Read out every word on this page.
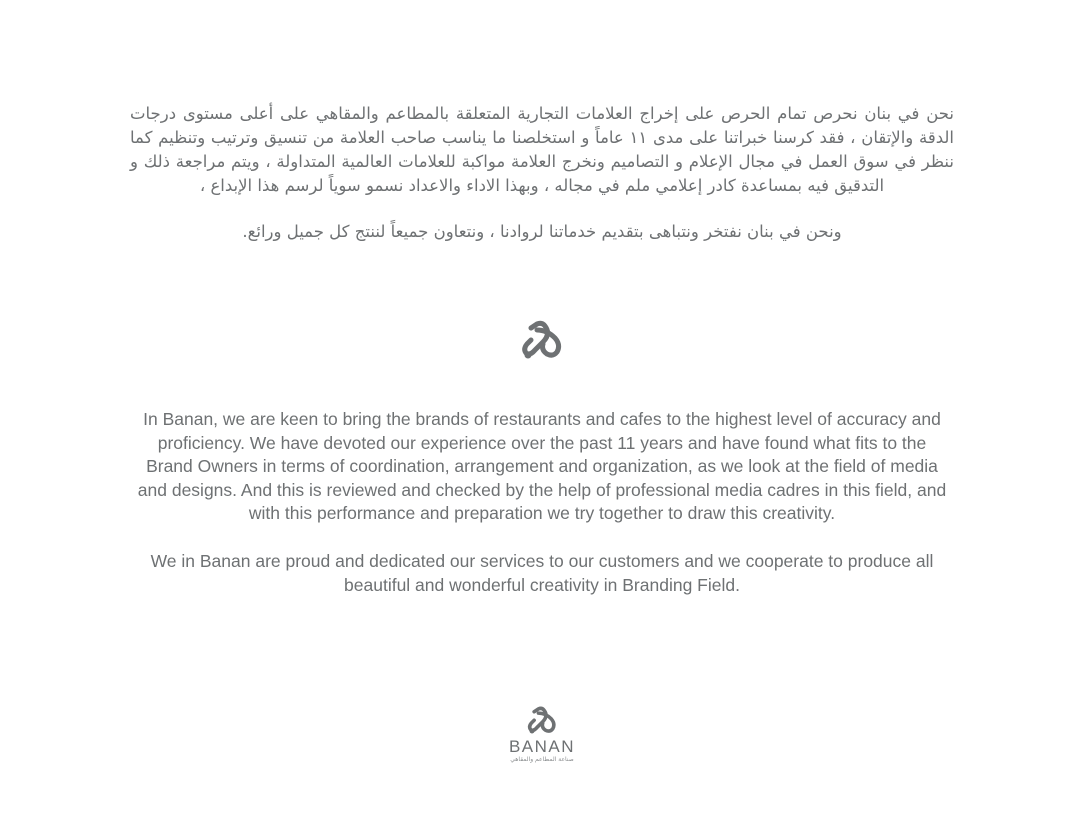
نحن في بنان نحرص تمام الحرص على إخراج العلامات التجارية المتعلقة بالمطاعم والمقاهي على أعلى مستوى درجات الدقة والإتقان ، فقد كرسنا خبراتنا على مدى ١١ عاماً و استخلصنا ما يناسب صاحب العلامة من تنسيق وترتيب وتنظيم كما ننظر في سوق العمل في مجال الإعلام و التصاميم ونخرج العلامة مواكبة للعلامات العالمية المتداولة ، ويتم مراجعة ذلك و التدقيق فيه بمساعدة كادر إعلامي ملم في مجاله ، وبهذا الاداء والاعداد نسمو سوياً لرسم هذا الإبداع ،

ونحن في بنان نفتخر ونتباهى بتقديم خدماتنا لروادنا ، ونتعاون جميعاً لننتج كل جميل ورائع.

In Banan, we are keen to bring the brands of restaurants and cafes to the highest level of accuracy and proficiency. We have devoted our experience over the past 11 years and have found what fits to the Brand Owners in terms of coordination, arrangement and organization, as we look at the field of media and designs. And this is reviewed and checked by the help of professional media cadres in this field, and with this performance and preparation we try together to draw this creativity.

We in Banan are proud and dedicated our services to our customers and we cooperate to produce all beautiful and wonderful creativity in Branding Field.

BANAN
صناعة المطاعم والمقاهي
